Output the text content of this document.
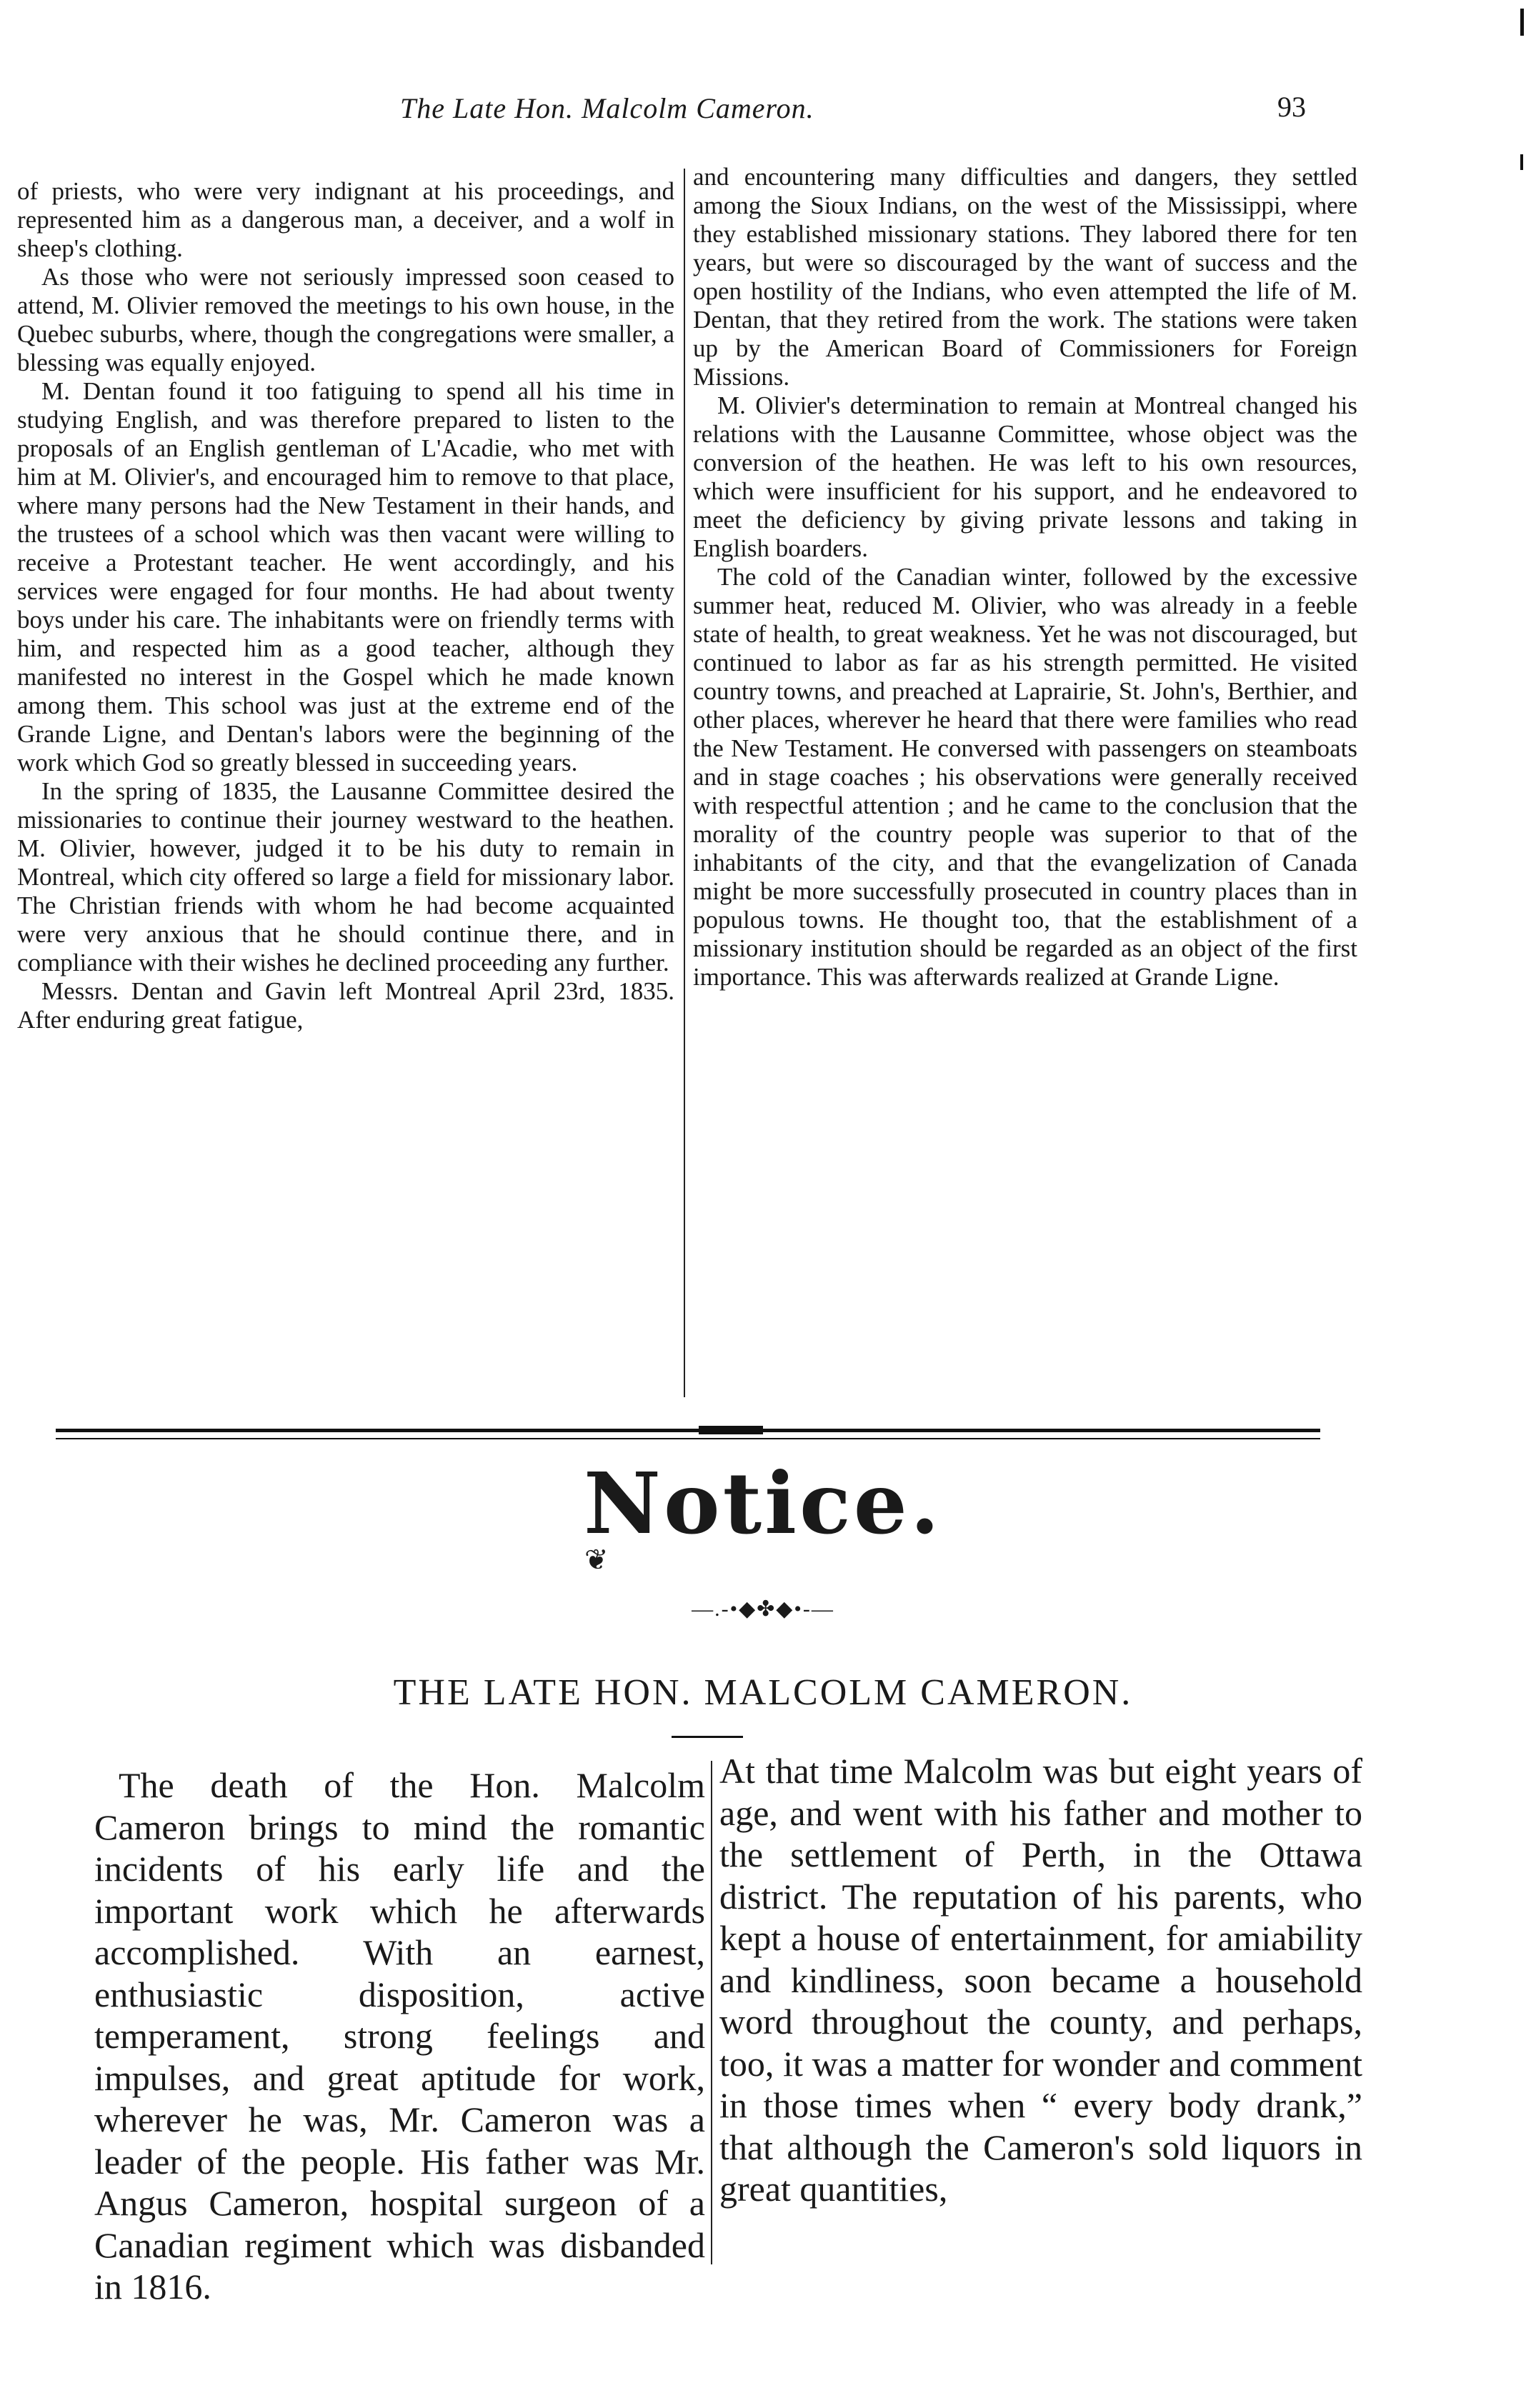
The Late Hon. Malcolm Cameron.	93

of priests, who were very indignant at his proceedings, and represented him as a dangerous man, a deceiver, and a wolf in sheep's clothing.

As those who were not seriously impressed soon ceased to attend, M. Olivier removed the meetings to his own house, in the Quebec suburbs, where, though the congregations were smaller, a blessing was equally enjoyed.

M. Dentan found it too fatiguing to spend all his time in studying English, and was therefore prepared to listen to the proposals of an English gentleman of L'Acadie, who met with him at M. Olivier's, and encouraged him to remove to that place, where many persons had the New Testament in their hands, and the trustees of a school which was then vacant were willing to receive a Protestant teacher. He went accordingly, and his services were engaged for four months. He had about twenty boys under his care. The inhabitants were on friendly terms with him, and respected him as a good teacher, although they manifested no interest in the Gospel which he made known among them. This school was just at the extreme end of the Grande Ligne, and Dentan's labors were the beginning of the work which God so greatly blessed in succeeding years.

In the spring of 1835, the Lausanne Committee desired the missionaries to continue their journey westward to the heathen. M. Olivier, however, judged it to be his duty to remain in Montreal, which city offered so large a field for missionary labor. The Christian friends with whom he had become acquainted were very anxious that he should continue there, and in compliance with their wishes he declined proceeding any further.

Messrs. Dentan and Gavin left Montreal April 23rd, 1835. After enduring great fatigue,

and encountering many difficulties and dangers, they settled among the Sioux Indians, on the west of the Mississippi, where they established missionary stations. They labored there for ten years, but were so discouraged by the want of success and the open hostility of the Indians, who even attempted the life of M. Dentan, that they retired from the work. The stations were taken up by the American Board of Commissioners for Foreign Missions.

M. Olivier's determination to remain at Montreal changed his relations with the Lausanne Committee, whose object was the conversion of the heathen. He was left to his own resources, which were insufficient for his support, and he endeavored to meet the deficiency by giving private lessons and taking in English boarders.

The cold of the Canadian winter, followed by the excessive summer heat, reduced M. Olivier, who was already in a feeble state of health, to great weakness. Yet he was not discouraged, but continued to labor as far as his strength permitted. He visited country towns, and preached at Laprairie, St. John's, Berthier, and other places, wherever he heard that there were families who read the New Testament. He conversed with passengers on steamboats and in stage coaches ; his observations were generally received with respectful attention ; and he came to the conclusion that the morality of the country people was superior to that of the inhabitants of the city, and that the evangelization of Canada might be more successfully prosecuted in country places than in populous towns. He thought too, that the establishment of a missionary institution should be regarded as an object of the first importance. This was afterwards realized at Grande Ligne.

Notice.
❦
—.-•◆✤◆•-—
THE LATE HON. MALCOLM CAMERON.

The death of the Hon. Malcolm Cameron brings to mind the romantic incidents of his early life and the important work which he afterwards accomplished. With an earnest, enthusiastic disposition, active temperament, strong feelings and impulses, and great aptitude for work, wherever he was, Mr. Cameron was a leader of the people. His father was Mr. Angus Cameron, hospital surgeon of a Canadian regiment which was disbanded in 1816.

At that time Malcolm was but eight years of age, and went with his father and mother to the settlement of Perth, in the Ottawa district. The reputation of his parents, who kept a house of entertainment, for amiability and kindliness, soon became a household word throughout the county, and perhaps, too, it was a matter for wonder and comment in those times when “ every body drank,” that although the Cameron's sold liquors in great quantities,
